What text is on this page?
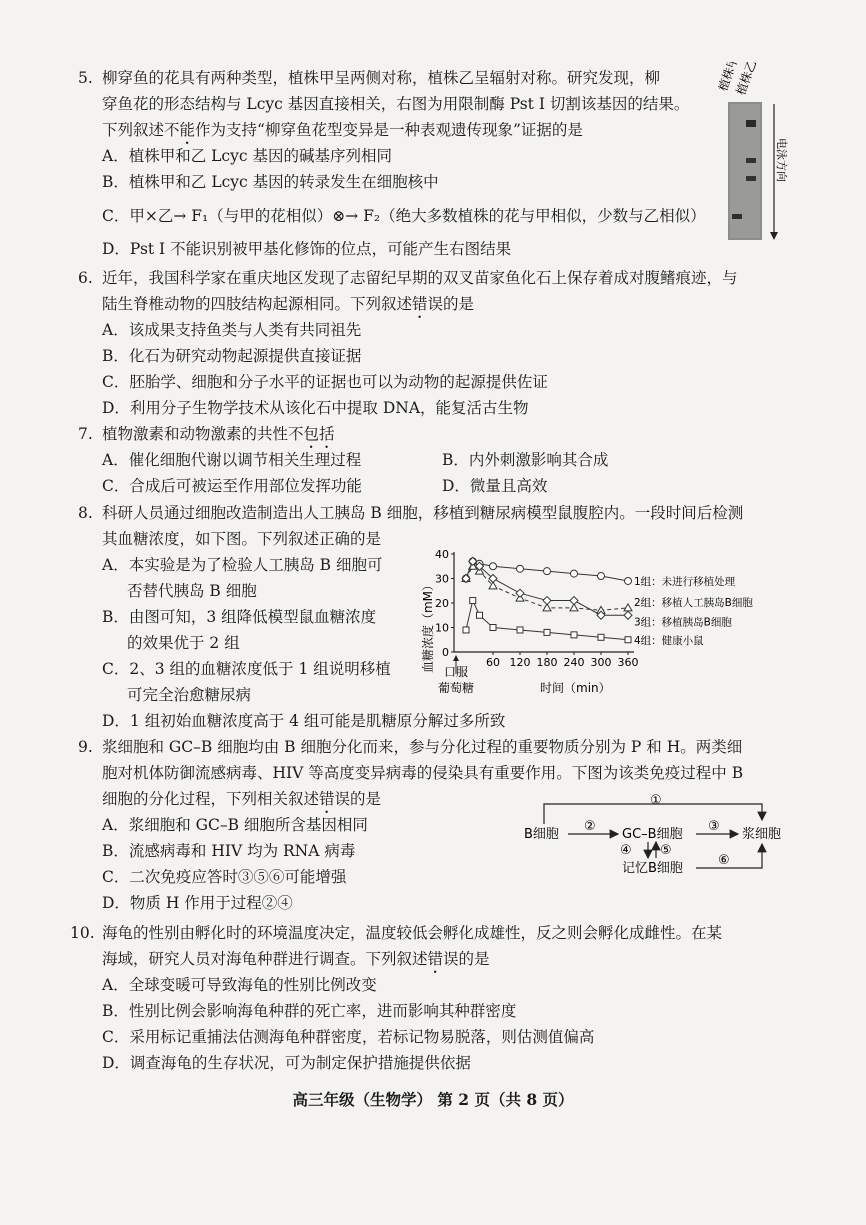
5. 柳穿鱼的花具有两种类型，植株甲呈两侧对称，植株乙呈辐射对称。研究发现，柳
穿鱼花的形态结构与 Lcyc 基因直接相关，右图为用限制酶 Pst I 切割该基因的结果。
下列叙述不能作为支持“柳穿鱼花型变异是一种表观遗传现象”证据的是
A．植株甲和乙 Lcyc 基因的碱基序列相同
B．植株甲和乙 Lcyc 基因的转录发生在细胞核中
C．甲×乙→ F₁（与甲的花相似）⊗→ F₂（绝大多数植株的花与甲相似，少数与乙相似）
D．Pst I 不能识别被甲基化修饰的位点，可能产生右图结果
植株甲
植株乙
电泳方向
6. 近年，我国科学家在重庆地区发现了志留纪早期的双叉苗家鱼化石上保存着成对腹鳍痕迹，与
陆生脊椎动物的四肢结构起源相同。下列叙述错误的是
A．该成果支持鱼类与人类有共同祖先
B．化石为研究动物起源提供直接证据
C．胚胎学、细胞和分子水平的证据也可以为动物的起源提供佐证
D．利用分子生物学技术从该化石中提取 DNA，能复活古生物
7. 植物激素和动物激素的共性不包括
A．催化细胞代谢以调节相关生理过程	B．内外刺激影响其合成
C．合成后可被运至作用部位发挥功能	D．微量且高效
8. 科研人员通过细胞改造制造出人工胰岛 B 细胞，移植到糖尿病模型鼠腹腔内。一段时间后检测
其血糖浓度，如下图。下列叙述正确的是
A．本实验是为了检验人工胰岛 B 细胞可
否替代胰岛 B 细胞
B．由图可知，3 组降低模型鼠血糖浓度
的效果优于 2 组
C．2、3 组的血糖浓度低于 1 组说明移植
可完全治愈糖尿病
D．1 组初始血糖浓度高于 4 组可能是肌糖原分解过多所致
血糖浓度（mM）
时间（min）
口服
葡萄糖
0
10
20
30
40
60 120 180 240 300 360
1组：未进行移植处理
2组：移植人工胰岛B细胞
3组：移植胰岛B细胞
4组：健康小鼠
9. 浆细胞和 GC–B 细胞均由 B 细胞分化而来，参与分化过程的重要物质分别为 P 和 H。两类细
胞对机体防御流感病毒、HIV 等高度变异病毒的侵染具有重要作用。下图为该类免疫过程中 B
细胞的分化过程，下列相关叙述错误的是
A．浆细胞和 GC–B 细胞所含基因相同
B．流感病毒和 HIV 均为 RNA 病毒
C．二次免疫应答时③⑤⑥可能增强
D．物质 H 作用于过程②④
B细胞	GC–B细胞	浆细胞
记忆B细胞
①
②	③
④ ⑤
⑥
10. 海龟的性别由孵化时的环境温度决定，温度较低会孵化成雄性，反之则会孵化成雌性。在某
海域，研究人员对海龟种群进行调查。下列叙述错误的是
A．全球变暖可导致海龟的性别比例改变
B．性别比例会影响海龟种群的死亡率，进而影响其种群密度
C．采用标记重捕法估测海龟种群密度，若标记物易脱落，则估测值偏高
D．调查海龟的生存状况，可为制定保护措施提供依据
高三年级（生物学） 第 2 页（共 8 页）
